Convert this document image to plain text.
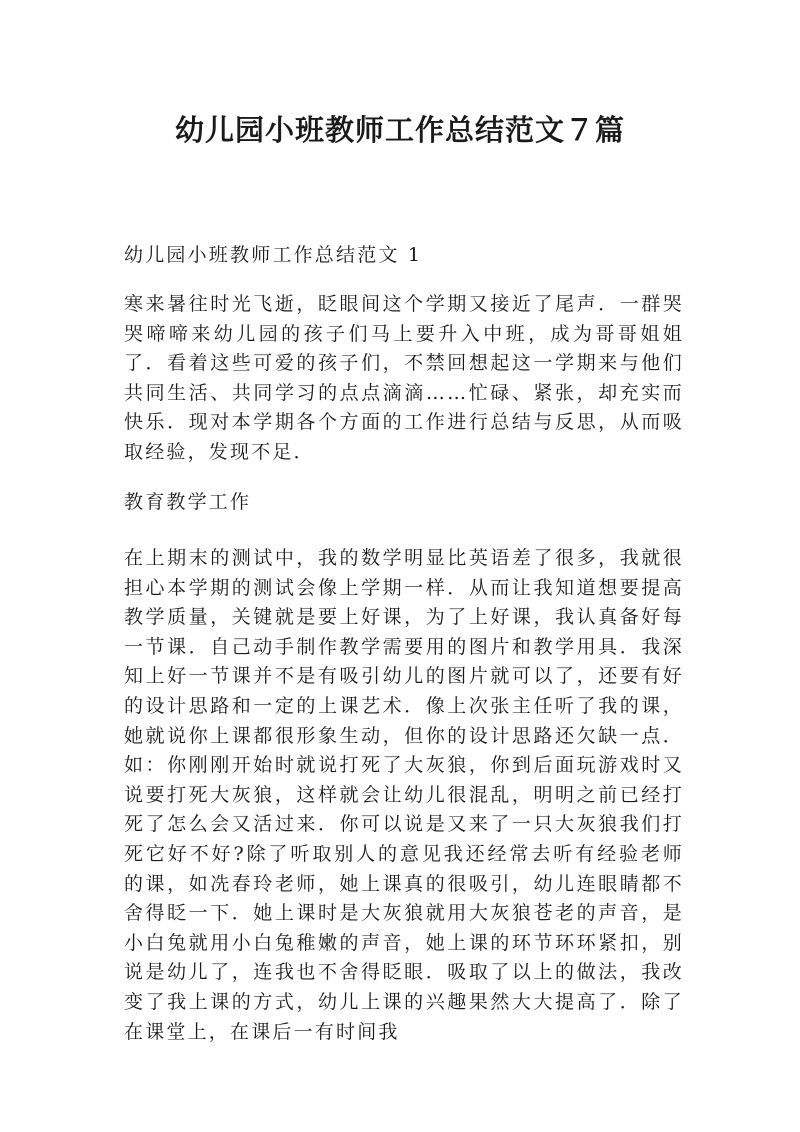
幼儿园小班教师工作总结范文７篇
幼儿园小班教师工作总结范文 1

寒来暑往时光飞逝，眨眼间这个学期又接近了尾声．一群哭哭啼啼来幼儿园的孩子们马上要升入中班，成为哥哥姐姐了．看着这些可爱的孩子们，不禁回想起这一学期来与他们共同生活、共同学习的点点滴滴……忙碌、紧张，却充实而快乐．现对本学期各个方面的工作进行总结与反思，从而吸取经验，发现不足．

教育教学工作

在上期末的测试中，我的数学明显比英语差了很多，我就很担心本学期的测试会像上学期一样．从而让我知道想要提高教学质量，关键就是要上好课，为了上好课，我认真备好每一节课．自己动手制作教学需要用的图片和教学用具．我深知上好一节课并不是有吸引幼儿的图片就可以了，还要有好的设计思路和一定的上课艺术．像上次张主任听了我的课，她就说你上课都很形象生动，但你的设计思路还欠缺一点．如：你刚刚开始时就说打死了大灰狼，你到后面玩游戏时又说要打死大灰狼，这样就会让幼儿很混乱，明明之前已经打死了怎么会又活过来．你可以说是又来了一只大灰狼我们打死它好不好?除了听取别人的意见我还经常去听有经验老师的课，如冼春玲老师，她上课真的很吸引，幼儿连眼睛都不舍得眨一下．她上课时是大灰狼就用大灰狼苍老的声音，是小白兔就用小白兔稚嫩的声音，她上课的环节环环紧扣，别说是幼儿了，连我也不舍得眨眼．吸取了以上的做法，我改变了我上课的方式，幼儿上课的兴趣果然大大提高了．除了在课堂上，在课后一有时间我
